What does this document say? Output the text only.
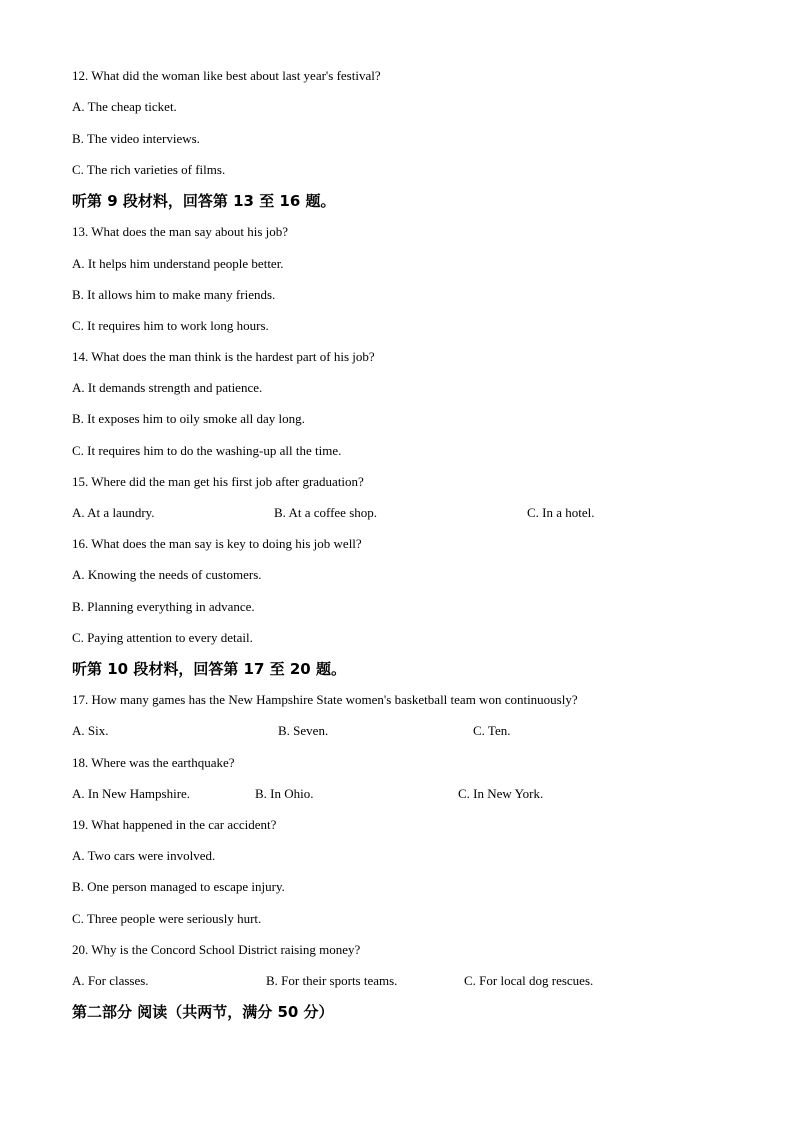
12. What did the woman like best about last year's festival?
A. The cheap ticket.
B. The video interviews.
C. The rich varieties of films.
听第 9 段材料，回答第 13 至 16 题。
13. What does the man say about his job?
A. It helps him understand people better.
B. It allows him to make many friends.
C. It requires him to work long hours.
14. What does the man think is the hardest part of his job?
A. It demands strength and patience.
B. It exposes him to oily smoke all day long.
C. It requires him to do the washing-up all the time.
15. Where did the man get his first job after graduation?
A. At a laundry.	B. At a coffee shop.	C. In a hotel.
16. What does the man say is key to doing his job well?
A. Knowing the needs of customers.
B. Planning everything in advance.
C. Paying attention to every detail.
听第 10 段材料，回答第 17 至 20 题。
17. How many games has the New Hampshire State women's basketball team won continuously?
A. Six.	B. Seven.	C. Ten.
18. Where was the earthquake?
A. In New Hampshire.	B. In Ohio.	C. In New York.
19. What happened in the car accident?
A. Two cars were involved.
B. One person managed to escape injury.
C. Three people were seriously hurt.
20. Why is the Concord School District raising money?
A. For classes.	B. For their sports teams.	C. For local dog rescues.
第二部分 阅读（共两节，满分 50 分）
